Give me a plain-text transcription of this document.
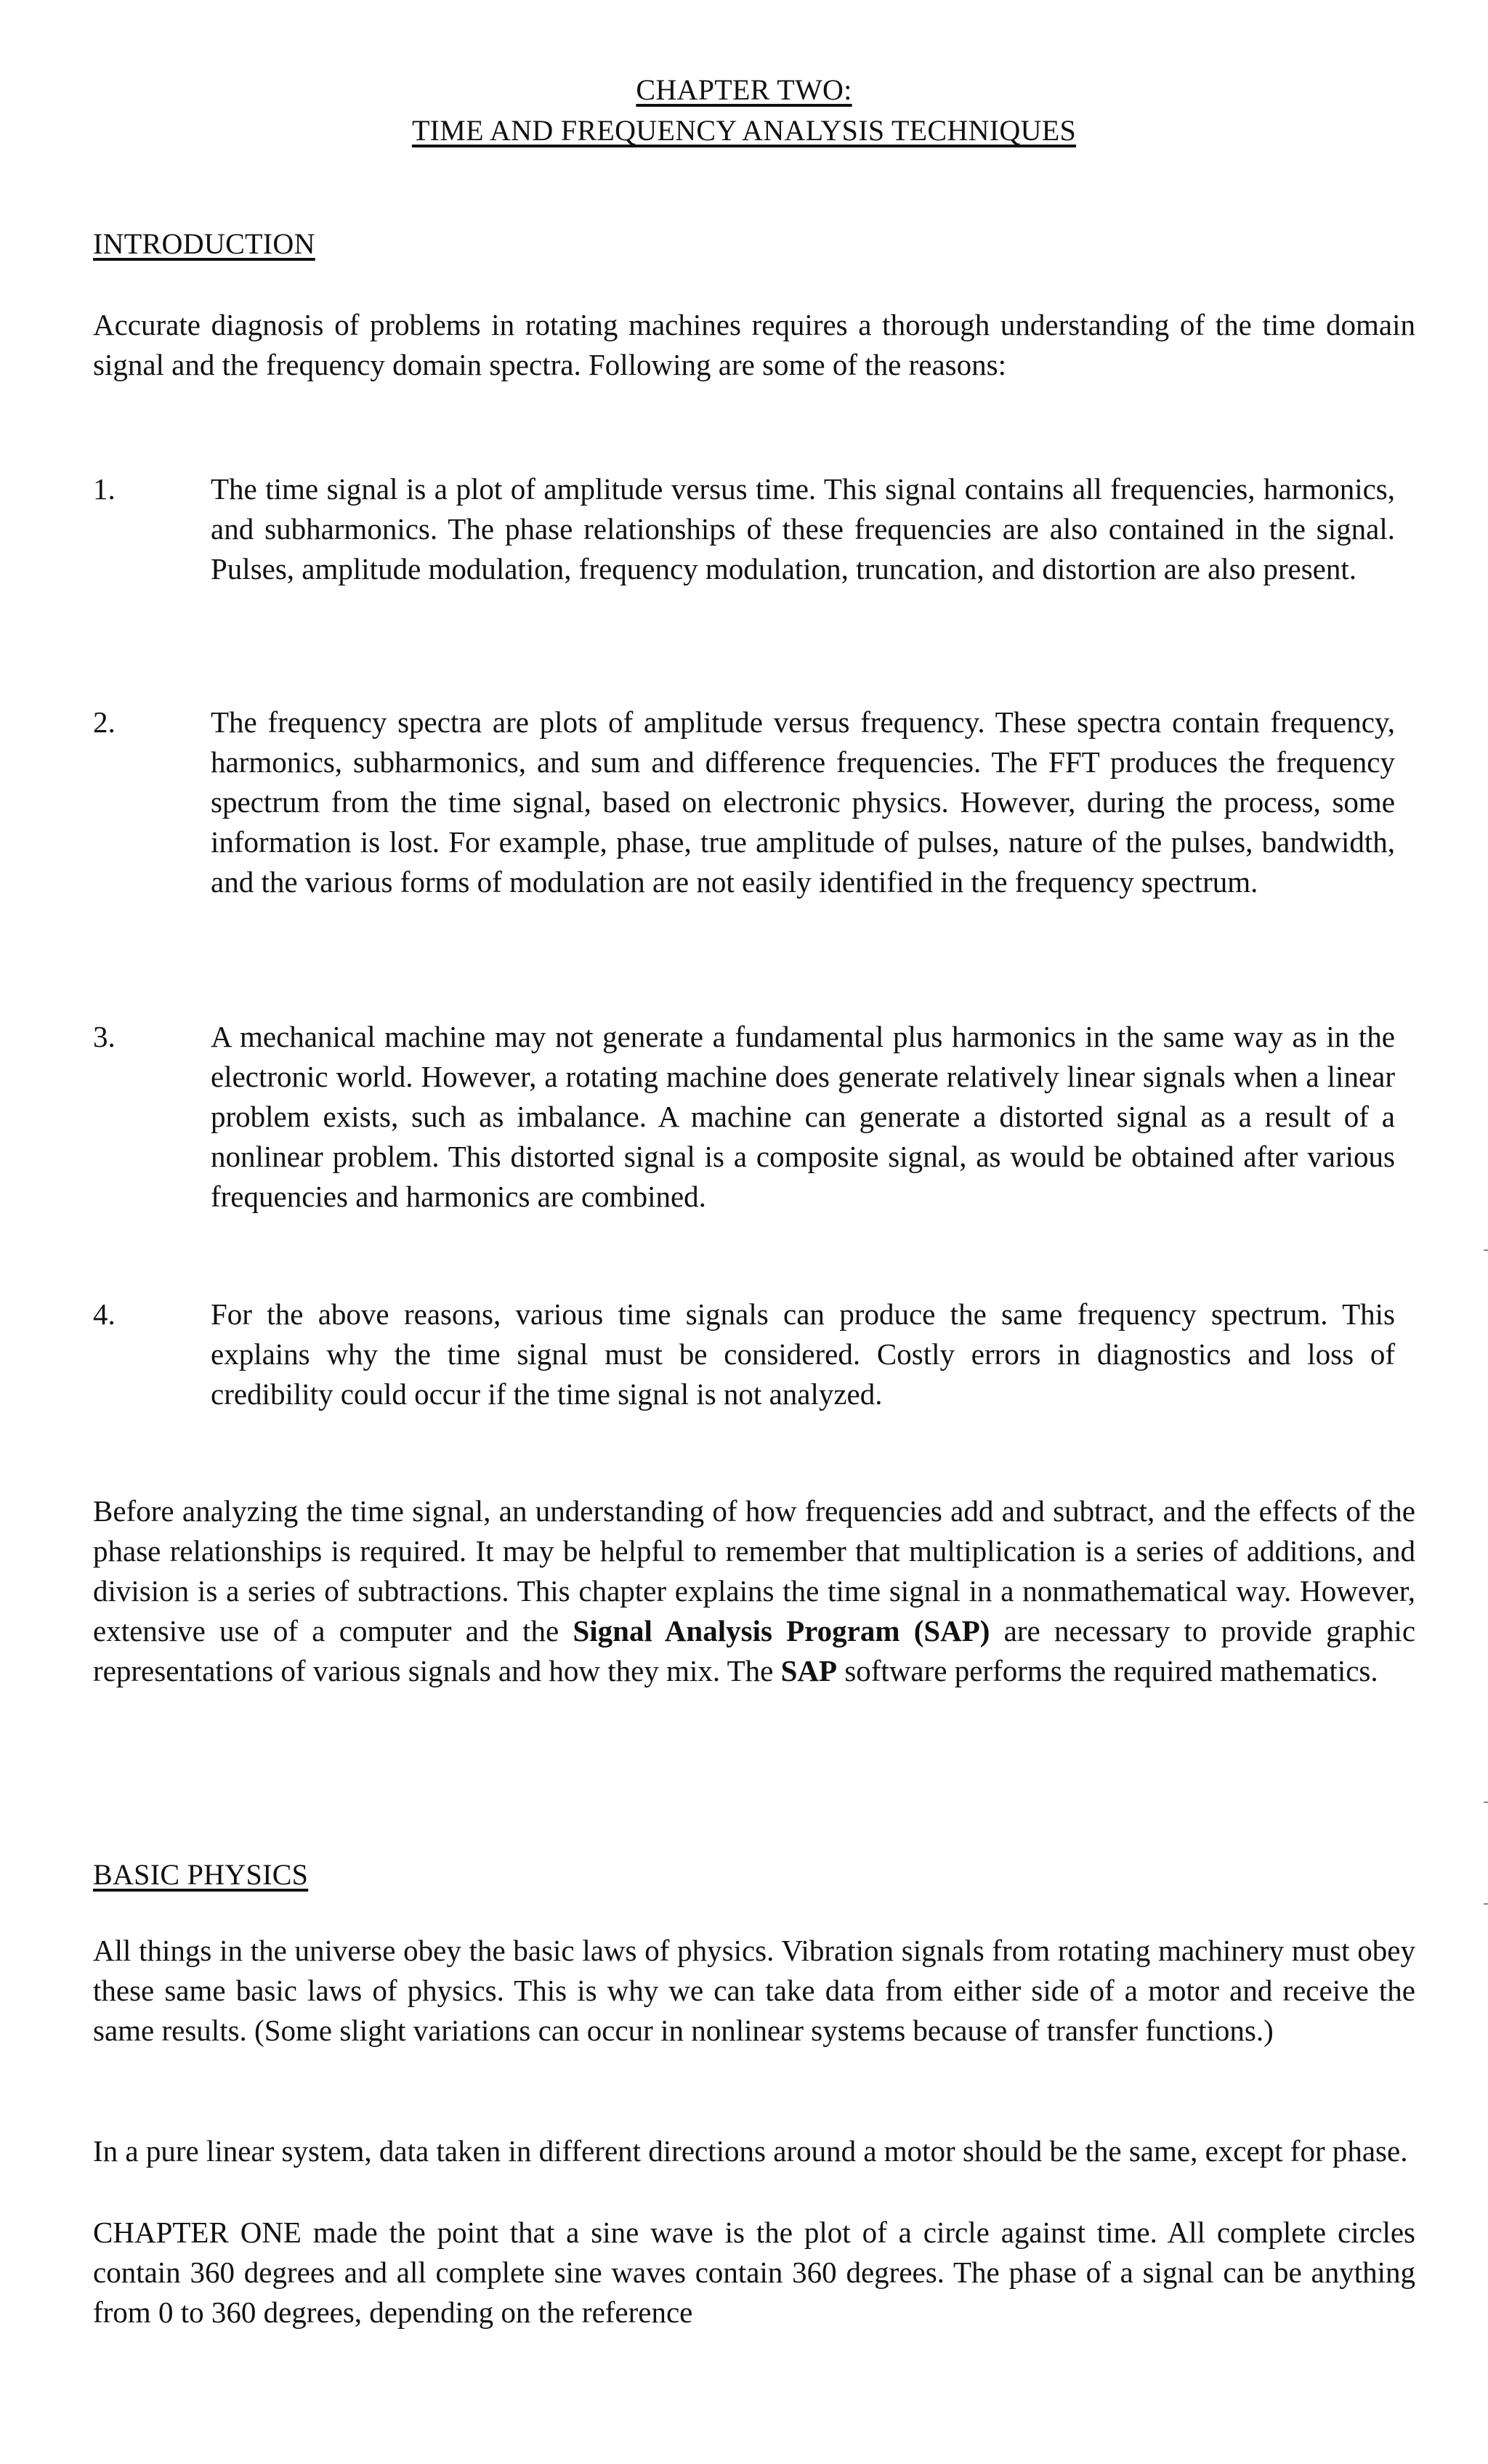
CHAPTER TWO:
TIME AND FREQUENCY ANALYSIS TECHNIQUES
INTRODUCTION

Accurate diagnosis of problems in rotating machines requires a thorough understanding of the time domain signal and the frequency domain spectra. Following are some of the reasons:

1.	The time signal is a plot of amplitude versus time. This signal contains all frequencies, harmonics, and subharmonics. The phase relationships of these frequencies are also contained in the signal. Pulses, amplitude modulation, frequency modulation, truncation, and distortion are also present.

2.	The frequency spectra are plots of amplitude versus frequency. These spectra contain frequency, harmonics, subharmonics, and sum and difference frequencies. The FFT produces the frequency spectrum from the time signal, based on electronic physics. However, during the process, some information is lost. For example, phase, true amplitude of pulses, nature of the pulses, bandwidth, and the various forms of modulation are not easily identified in the frequency spectrum.

3.	A mechanical machine may not generate a fundamental plus harmonics in the same way as in the electronic world. However, a rotating machine does generate relatively linear signals when a linear problem exists, such as imbalance. A machine can generate a distorted signal as a result of a nonlinear problem. This distorted signal is a composite signal, as would be obtained after various frequencies and harmonics are combined.

4.	For the above reasons, various time signals can produce the same frequency spectrum. This explains why the time signal must be considered. Costly errors in diagnostics and loss of credibility could occur if the time signal is not analyzed.

Before analyzing the time signal, an understanding of how frequencies add and subtract, and the effects of the phase relationships is required. It may be helpful to remember that multiplication is a series of additions, and division is a series of subtractions. This chapter explains the time signal in a nonmathematical way. However, extensive use of a computer and the Signal Analysis Program (SAP) are necessary to provide graphic representations of various signals and how they mix. The SAP software performs the required mathematics.

BASIC PHYSICS

All things in the universe obey the basic laws of physics. Vibration signals from rotating machinery must obey these same basic laws of physics. This is why we can take data from either side of a motor and receive the same results. (Some slight variations can occur in nonlinear systems because of transfer functions.)

In a pure linear system, data taken in different directions around a motor should be the same, except for phase.

CHAPTER ONE made the point that a sine wave is the plot of a circle against time. All complete circles contain 360 degrees and all complete sine waves contain 360 degrees. The phase of a signal can be anything from 0 to 360 degrees, depending on the reference
